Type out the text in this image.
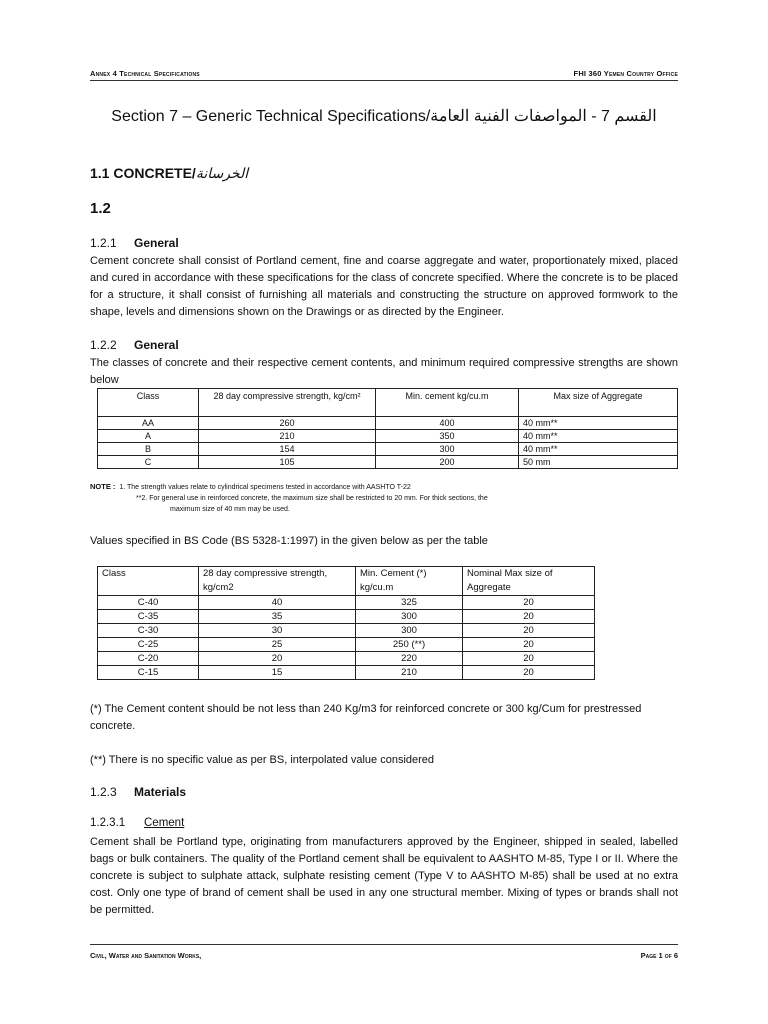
Annex 4 Technical Specifications	FHI 360 Yemen Country Office
Section 7 – Generic Technical Specifications/القسم 7 - المواصفات الفنية العامة
1.1 CONCRETE/الخرسانة
1.2
1.2.1 General
Cement concrete shall consist of Portland cement, fine and coarse aggregate and water, proportionately mixed, placed and cured in accordance with these specifications for the class of concrete specified. Where the concrete is to be placed for a structure, it shall consist of furnishing all materials and constructing the structure on approved formwork to the shape, levels and dimensions shown on the Drawings or as directed by the Engineer.
1.2.2 General
The classes of concrete and their respective cement contents, and minimum required compressive strengths are shown below
Class	28 day compressive strength, kg/cm²	Min. cement kg/cu.m	Max size of Aggregate
AA	260	400	40 mm**
A	210	350	40 mm**
B	154	300	40 mm**
C	105	200	50 mm
NOTE : 1. The strength values relate to cylindrical specimens tested in accordance with AASHTO T-22
**2. For general use in reinforced concrete, the maximum size shall be restricted to 20 mm. For thick sections, the
maximum size of 40 mm may be used.
Values specified in BS Code (BS 5328-1:1997) in the given below as per the table
Class	28 day compressive strength, kg/cm2	Min. Cement (*) kg/cu.m	Nominal Max size of Aggregate
C-40	40	325	20
C-35	35	300	20
C-30	30	300	20
C-25	25	250 (**)	20
C-20	20	220	20
C-15	15	210	20
(*) The Cement content should be not less than 240 Kg/m3 for reinforced concrete or 300 kg/Cum for prestressed concrete.
(**) There is no specific value as per BS, interpolated value considered
1.2.3 Materials
1.2.3.1 Cement
Cement shall be Portland type, originating from manufacturers approved by the Engineer, shipped in sealed, labelled bags or bulk containers. The quality of the Portland cement shall be equivalent to AASHTO M-85, Type I or II. Where the concrete is subject to sulphate attack, sulphate resisting cement (Type V to AASHTO M-85) shall be used at no extra cost. Only one type of brand of cement shall be used in any one structural member. Mixing of types or brands shall not be permitted.
Civil, Water and Sanitation Works,	Page 1 of 6
